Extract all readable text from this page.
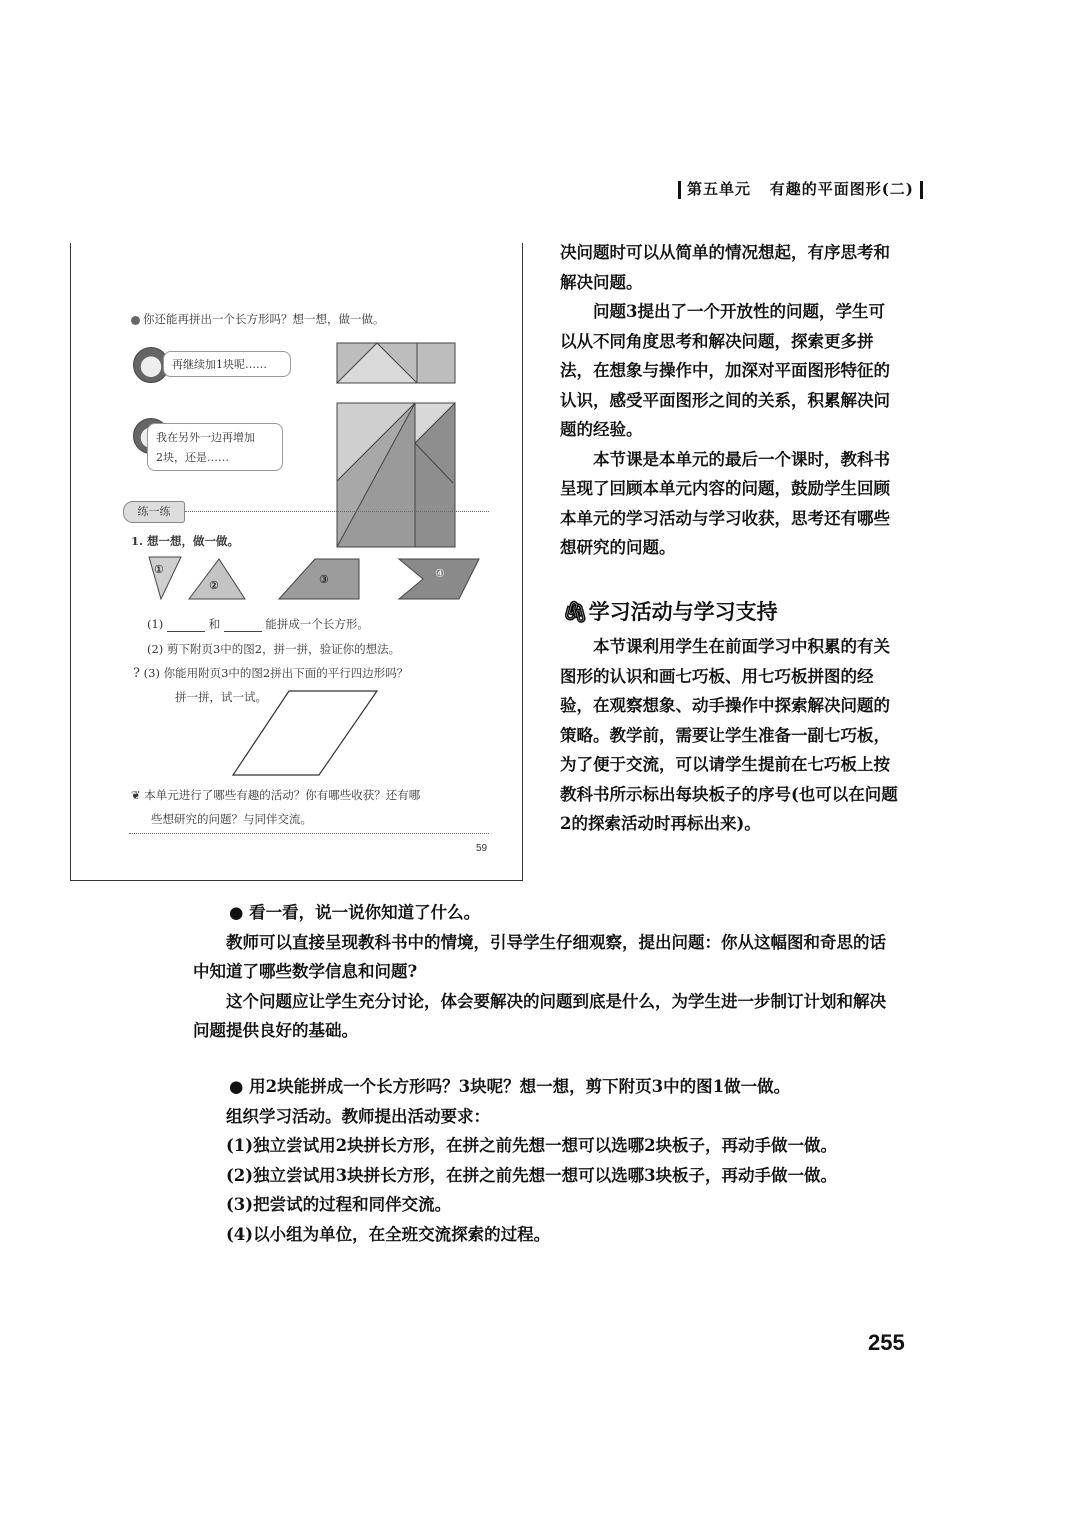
第五单元 有趣的平面图形(二)
你还能再拼出一个长方形吗？想一想，做一做。
再继续加1块呢……
我在另外一边再增加
2块，还是……
练一练
1. 想一想，做一做。
①
②	③	④
(1)	和	能拼成一个长方形。
(2) 剪下附页3中的图2，拼一拼，验证你的想法。
? (3) 你能用附页3中的图2拼出下面的平行四边形吗？
拼一拼，试一试。
❦ 本单元进行了哪些有趣的活动？你有哪些收获？还有哪
些想研究的问题？与同伴交流。
59

决问题时可以从简单的情况想起，有序思考和解决问题。

问题3提出了一个开放性的问题，学生可以从不同角度思考和解决问题，探索更多拼法，在想象与操作中，加深对平面图形特征的认识，感受平面图形之间的关系，积累解决问题的经验。

本节课是本单元的最后一个课时，教科书呈现了回顾本单元内容的问题，鼓励学生回顾本单元的学习活动与学习收获，思考还有哪些想研究的问题。

🖇学习活动与学习支持

本节课利用学生在前面学习中积累的有关图形的认识和画七巧板、用七巧板拼图的经验，在观察想象、动手操作中探索解决问题的策略。教学前，需要让学生准备一副七巧板，为了便于交流，可以请学生提前在七巧板上按教科书所示标出每块板子的序号(也可以在问题2的探索活动时再标出来)。

● 看一看，说一说你知道了什么。

教师可以直接呈现教科书中的情境，引导学生仔细观察，提出问题：你从这幅图和奇思的话中知道了哪些数学信息和问题?

这个问题应让学生充分讨论，体会要解决的问题到底是什么，为学生进一步制订计划和解决问题提供良好的基础。

● 用2块能拼成一个长方形吗？3块呢？想一想，剪下附页3中的图1做一做。

组织学习活动。教师提出活动要求：

(1)独立尝试用2块拼长方形，在拼之前先想一想可以选哪2块板子，再动手做一做。

(2)独立尝试用3块拼长方形，在拼之前先想一想可以选哪3块板子，再动手做一做。

(3)把尝试的过程和同伴交流。

(4)以小组为单位，在全班交流探索的过程。

255
